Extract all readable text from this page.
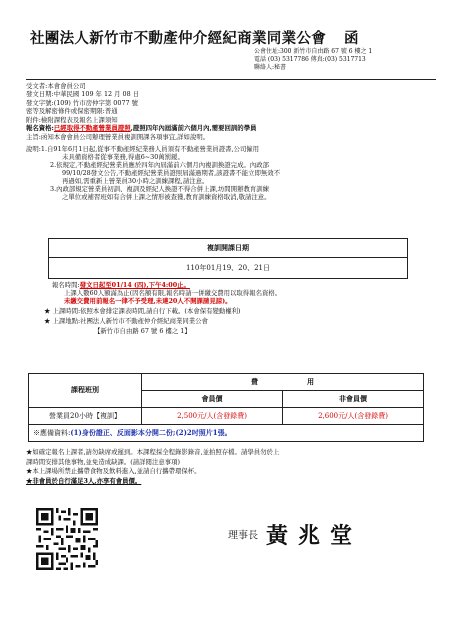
社團法人新竹市不動產仲介經紀商業同業公會 函
公會住址:300 新竹市自由路 67 號 6 樓之 1
電話 (03) 5317786 傳真:(03) 5317713
聯絡人:秘書
受文者:本會會員公司
發文日期:中華民國 109 年 12 月 08 日
發文字號:(109) 竹市房仲字第 0077 號
密等及解密條件或保密期限:普通
附件:檢附課程表及報名上課須知
報名資格:已經取得不動產營業員證照,證照四年內屆滿前六個月內,需要回訓的學員
主旨:函知本會會員公司辦理營業員複訓開課各項事宜,詳如說明。
說明:1.自91年6月1日起,從事不動產經紀業務人員須有不動產營業員證書,公司僱用
未具備資格者從事業務,得處6~30萬罰鍰。
2.依規定,不動產經紀營業員應於四年內屆滿前六個月內複訓換證完成。內政部
99/10/28發文公告,不動產經紀營業員證照屆滿過期者,該證書不能立即無效不
再過如,需重新上營業員30小時之訓練課程,請注意。
3.內政部規定營業員初訓、複訓及經紀人換證不得合併上課,坊間開辦教育訓練
之單位或補習班如有合併上課之情形被查獲,教育訓練資格取消,敬請注意。
複訓開課日期
110年01月19、20、21日
報名時間:發文日起至01/14 (四),下午4:00止。
上課人數60人額滿為止(因名額有限,報名時請一併繳交費用以取得報名資格。
未繳交費用前報名一律不予受理,未達20人不開課請見諒)。
★ 上課時間:依照本會排定課表時間,請自行下載。(本會保有變動權利)
★ 上課地點:社團法人新竹市不動產仲介經紀商業同業公會
【新竹市自由路 67 號 6 樓之 1】
課程班別	費　　　　　　　用	
	會員價	非會員價
營業員20小時【複訓】	2,500元/人(含發錄費)	2,600元/人(含發錄費)
※應備資料:(1)身份證正、反面影本分開二份;(2)2吋照片1張。		
★如確定報名上課者,請勿缺席或遲到。本課程採全程錄影錄音,並拍照存檔。請學員勿於上
課時間安排其他事物,並免造成缺課。(請詳閱注意事項)
★本上課場所禁止攜帶食物及飲料進入,並請自行攜帶環保杯。
★非會員於自行滿足3人,亦享有會員價。
理事長 黃兆堂
